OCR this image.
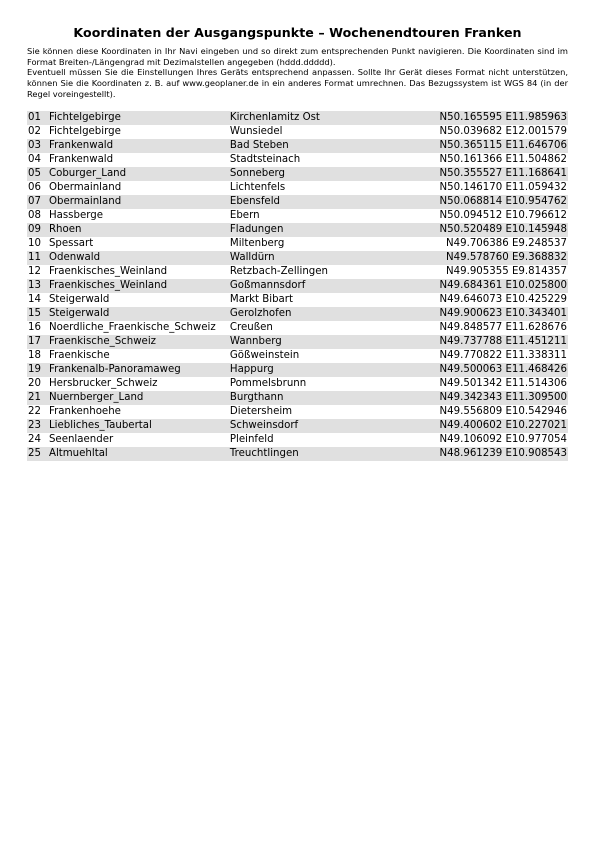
Koordinaten der Ausgangspunkte – Wochenendtouren Franken

Sie können diese Koordinaten in Ihr Navi eingeben und so direkt zum entsprechenden Punkt navigieren. Die Koordinaten sind im Format Breiten-/Längengrad mit Dezimalstellen angegeben (hddd.ddddd).

Eventuell müssen Sie die Einstellungen Ihres Geräts entsprechend anpassen. Sollte Ihr Gerät dieses Format nicht unterstützen, können Sie die Koordinaten z. B. auf www.geoplaner.de in ein anderes Format umrechnen. Das Bezugssystem ist WGS 84 (in der Regel voreingestellt).

01	Fichtelgebirge	Kirchenlamitz Ost	N50.165595 E11.985963
02	Fichtelgebirge	Wunsiedel	N50.039682 E12.001579
03	Frankenwald	Bad Steben	N50.365115 E11.646706
04	Frankenwald	Stadtsteinach	N50.161366 E11.504862
05	Coburger_Land	Sonneberg	N50.355527 E11.168641
06	Obermainland	Lichtenfels	N50.146170 E11.059432
07	Obermainland	Ebensfeld	N50.068814 E10.954762
08	Hassberge	Ebern	N50.094512 E10.796612
09	Rhoen	Fladungen	N50.520489 E10.145948
10	Spessart	Miltenberg	N49.706386 E9.248537
11	Odenwald	Walldürn	N49.578760 E9.368832
12	Fraenkisches_Weinland	Retzbach-Zellingen	N49.905355 E9.814357
13	Fraenkisches_Weinland	Goßmannsdorf	N49.684361 E10.025800
14	Steigerwald	Markt Bibart	N49.646073 E10.425229
15	Steigerwald	Gerolzhofen	N49.900623 E10.343401
16	Noerdliche_Fraenkische_Schweiz	Creußen	N49.848577 E11.628676
17	Fraenkische_Schweiz	Wannberg	N49.737788 E11.451211
18	Fraenkische	Gößweinstein	N49.770822 E11.338311
19	Frankenalb-Panoramaweg	Happurg	N49.500063 E11.468426
20	Hersbrucker_Schweiz	Pommelsbrunn	N49.501342 E11.514306
21	Nuernberger_Land	Burgthann	N49.342343 E11.309500
22	Frankenhoehe	Dietersheim	N49.556809 E10.542946
23	Liebliches_Taubertal	Schweinsdorf	N49.400602 E10.227021
24	Seenlaender	Pleinfeld	N49.106092 E10.977054
25	Altmuehltal	Treuchtlingen	N48.961239 E10.908543
